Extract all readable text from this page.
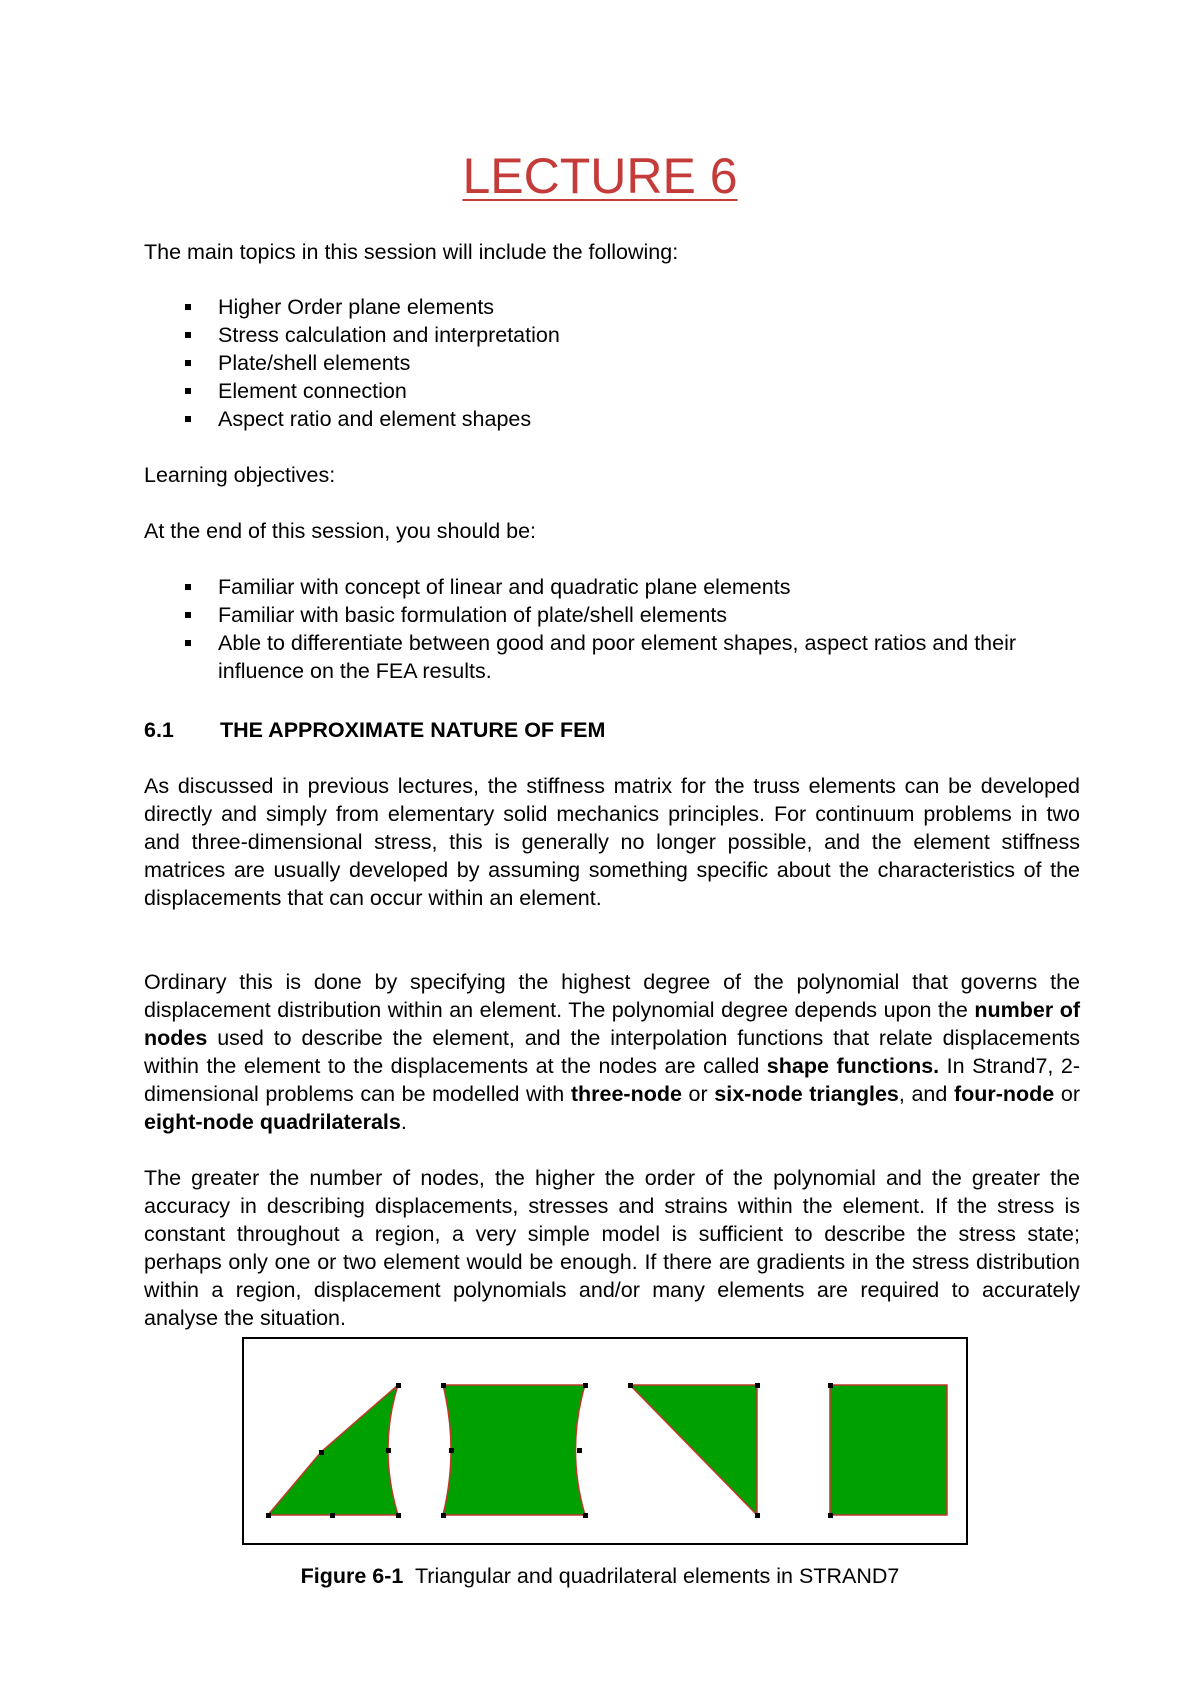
LECTURE 6
The main topics in this session will include the following:
Higher Order plane elements
Stress calculation and interpretation
Plate/shell elements
Element connection
Aspect ratio and element shapes
Learning objectives:
At the end of this session, you should be:
Familiar with concept of linear and quadratic plane elements
Familiar with basic formulation of plate/shell elements
Able to differentiate between good and poor element shapes, aspect ratios and their influence on the FEA results.
6.1 THE APPROXIMATE NATURE OF FEM
As discussed in previous lectures, the stiffness matrix for the truss elements can be developed directly and simply from elementary solid mechanics principles. For continuum problems in two and three-dimensional stress, this is generally no longer possible, and the element stiffness matrices are usually developed by assuming something specific about the characteristics of the displacements that can occur within an element.
Ordinary this is done by specifying the highest degree of the polynomial that governs the displacement distribution within an element. The polynomial degree depends upon the number of nodes used to describe the element, and the interpolation functions that relate displacements within the element to the displacements at the nodes are called shape functions. In Strand7, 2-dimensional problems can be modelled with three-node or six-node triangles, and four-node or eight-node quadrilaterals.
The greater the number of nodes, the higher the order of the polynomial and the greater the accuracy in describing displacements, stresses and strains within the element. If the stress is constant throughout a region, a very simple model is sufficient to describe the stress state; perhaps only one or two element would be enough. If there are gradients in the stress distribution within a region, displacement polynomials and/or many elements are required to accurately analyse the situation.
Figure 6-1  Triangular and quadrilateral elements in STRAND7
